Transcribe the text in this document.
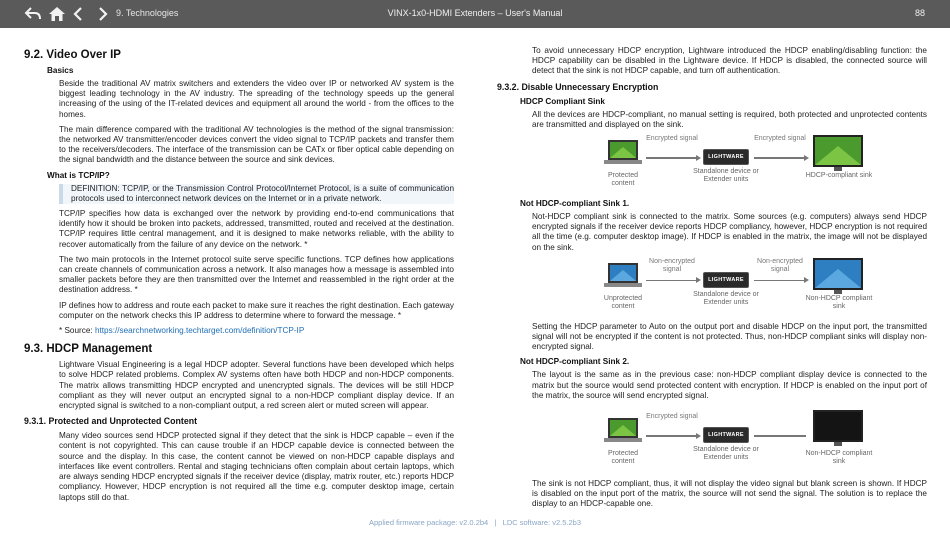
9. Technologies	VINX-1x0-HDMI Extenders – User's Manual	88
9.2. Video Over IP
Basics
Beside the traditional AV matrix switchers and extenders the video over IP or networked AV system is the biggest leading technology in the AV industry. The spreading of the technology speeds up the general increasing of the using of the IT-related devices and equipment all around the world - from the offices to the homes.
The main difference compared with the traditional AV technologies is the method of the signal transmission: the networked AV transmitter/encoder devices convert the video signal to TCP/IP packets and transfer them to the receivers/decoders. The interface of the transmission can be CATx or fiber optical cable depending on the signal bandwidth and the distance between the source and sink devices.
What is TCP/IP?
DEFINITION: TCP/IP, or the Transmission Control Protocol/Internet Protocol, is a suite of communication protocols used to interconnect network devices on the Internet or in a private network.
TCP/IP specifies how data is exchanged over the network by providing end-to-end communications that identify how it should be broken into packets, addressed, transmitted, routed and received at the destination. TCP/IP requires little central management, and it is designed to make networks reliable, with the ability to recover automatically from the failure of any device on the network. *
The two main protocols in the Internet protocol suite serve specific functions. TCP defines how applications can create channels of communication across a network. It also manages how a message is assembled into smaller packets before they are then transmitted over the Internet and reassembled in the right order at the destination address. *
IP defines how to address and route each packet to make sure it reaches the right destination. Each gateway computer on the network checks this IP address to determine where to forward the message. *
* Source: https://searchnetworking.techtarget.com/definition/TCP-IP
9.3. HDCP Management
Lightware Visual Engineering is a legal HDCP adopter. Several functions have been developed which helps to solve HDCP related problems. Complex AV systems often have both HDCP and non-HDCP components. The matrix allows transmitting HDCP encrypted and unencrypted signals. The devices will be still HDCP compliant as they will never output an encrypted signal to a non-HDCP compliant display device. If an encrypted signal is switched to a non-compliant output, a red screen alert or muted screen will appear.
9.3.1. Protected and Unprotected Content
Many video sources send HDCP protected signal if they detect that the sink is HDCP capable – even if the content is not copyrighted. This can cause trouble if an HDCP capable device is connected between the source and the display. In this case, the content cannot be viewed on non-HDCP capable displays and interfaces like event controllers. Rental and staging technicians often complain about certain laptops, which are always sending HDCP encrypted signals if the receiver device (display, matrix router, etc.) reports HDCP compliancy. However, HDCP encryption is not required all the time e.g. computer desktop image, certain laptops still do that.
To avoid unnecessary HDCP encryption, Lightware introduced the HDCP enabling/disabling function: the HDCP capability can be disabled in the Lightware device. If HDCP is disabled, the connected source will detect that the sink is not HDCP capable, and turn off authentication.
9.3.2. Disable Unnecessary Encryption
HDCP Compliant Sink
All the devices are HDCP-compliant, no manual setting is required, both protected and unprotected contents are transmitted and displayed on the sink.
Protected content
Encrypted signal
LIGHTWARE
Standalone device or Extender units
Encrypted signal
HDCP-compliant sink
Not HDCP-compliant Sink 1.
Not-HDCP compliant sink is connected to the matrix. Some sources (e.g. computers) always send HDCP encrypted signals if the receiver device reports HDCP compliancy, however, HDCP encryption is not required all the time (e.g. computer desktop image). If HDCP is enabled in the matrix, the image will not be displayed on the sink.
Unprotected content
Non-encrypted signal
LIGHTWARE
Standalone device or Extender units
Non-encrypted signal
Non-HDCP compliant sink
Setting the HDCP parameter to Auto on the output port and disable HDCP on the input port, the transmitted signal will not be encrypted if the content is not protected. Thus, non-HDCP compliant sinks will display non-encrypted signal.
Not HDCP-compliant Sink 2.
The layout is the same as in the previous case: non-HDCP compliant display device is connected to the matrix but the source would send protected content with encryption. If HDCP is enabled on the input port of the matrix, the source will send encrypted signal.
Protected content
Encrypted signal
LIGHTWARE
Standalone device or Extender units
Non-HDCP compliant sink
The sink is not HDCP compliant, thus, it will not display the video signal but blank screen is shown. If HDCP is disabled on the input port of the matrix, the source will not send the signal. The solution is to replace the display to an HDCP-capable one.
Applied firmware package: v2.0.2b4   |   LDC software: v2.5.2b3
